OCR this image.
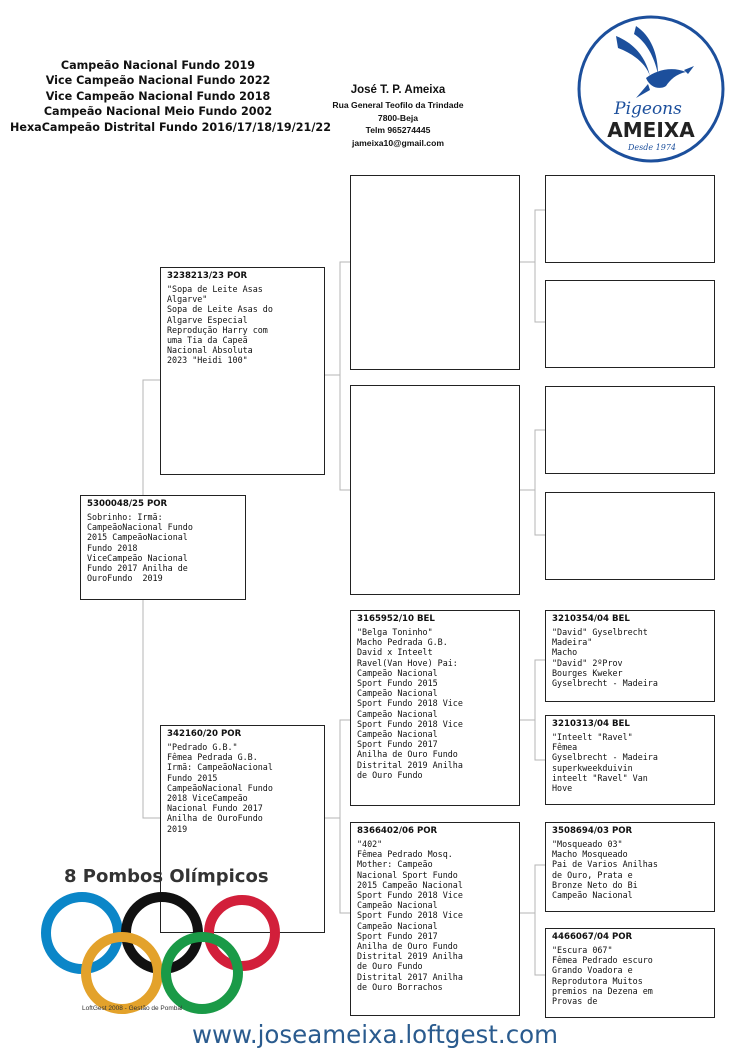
Campeão Nacional Fundo 2019
Vice Campeão Nacional Fundo 2022
Vice Campeão Nacional Fundo 2018
Campeão Nacional Meio Fundo 2002
HexaCampeão Distrital Fundo 2016/17/18/19/21/22
José T. P. Ameixa
Rua General Teofilo da Trindade
7800-Beja
Telm 965274445
jameixa10@gmail.com
Pigeons
AMEIXA
Desde 1974
5300048/25 POR
Sobrinho: Irmã:
CampeãoNacional Fundo
2015 CampeãoNacional
Fundo 2018
ViceCampeão Nacional
Fundo 2017 Anilha de
OuroFundo  2019
3238213/23 POR
"Sopa de Leite Asas
Algarve"
Sopa de Leite Asas do
Algarve Especial
Reprodução Harry com
uma Tia da Capeã
Nacional Absoluta
2023 "Heidi 100"
342160/20 POR
"Pedrado G.B."
Fêmea Pedrada G.B.
Irmã: CampeãoNacional
Fundo 2015
CampeãoNacional Fundo
2018 ViceCampeão
Nacional Fundo 2017
Anilha de OuroFundo
2019
3165952/10 BEL
"Belga Toninho"
Macho Pedrada G.B.
David x Inteelt
Ravel(Van Hove) Pai:
Campeão Nacional
Sport Fundo 2015
Campeão Nacional
Sport Fundo 2018 Vice
Campeão Nacional
Sport Fundo 2018 Vice
Campeão Nacional
Sport Fundo 2017
Anilha de Ouro Fundo
Distrital 2019 Anilha
de Ouro Fundo
8366402/06 POR
"402"
Fêmea Pedrado Mosq.
Mother: Campeão
Nacional Sport Fundo
2015 Campeão Nacional
Sport Fundo 2018 Vice
Campeão Nacional
Sport Fundo 2018 Vice
Campeão Nacional
Sport Fundo 2017
Anilha de Ouro Fundo
Distrital 2019 Anilha
de Ouro Fundo
Distrital 2017 Anilha
de Ouro Borrachos
3210354/04 BEL
"David" Gyselbrecht
Madeira"
Macho
"David" 2ºProv
Bourges Kweker
Gyselbrecht - Madeira
3210313/04 BEL
"Inteelt "Ravel"
Fêmea
Gyselbrecht - Madeira
superkweekduivin
inteelt "Ravel" Van
Hove
3508694/03 POR
"Mosqueado 03"
Macho Mosqueado
Pai de Varios Anilhas
de Ouro, Prata e
Bronze Neto do Bi
Campeão Nacional
4466067/04 POR
"Escura 067"
Fêmea Pedrado escuro
Grando Voadora e
Reprodutora Muitos
premios na Dezena em
Provas de
8 Pombos Olímpicos
LoftGest 2008 - Gestão de Pombal
www.joseameixa.loftgest.com
